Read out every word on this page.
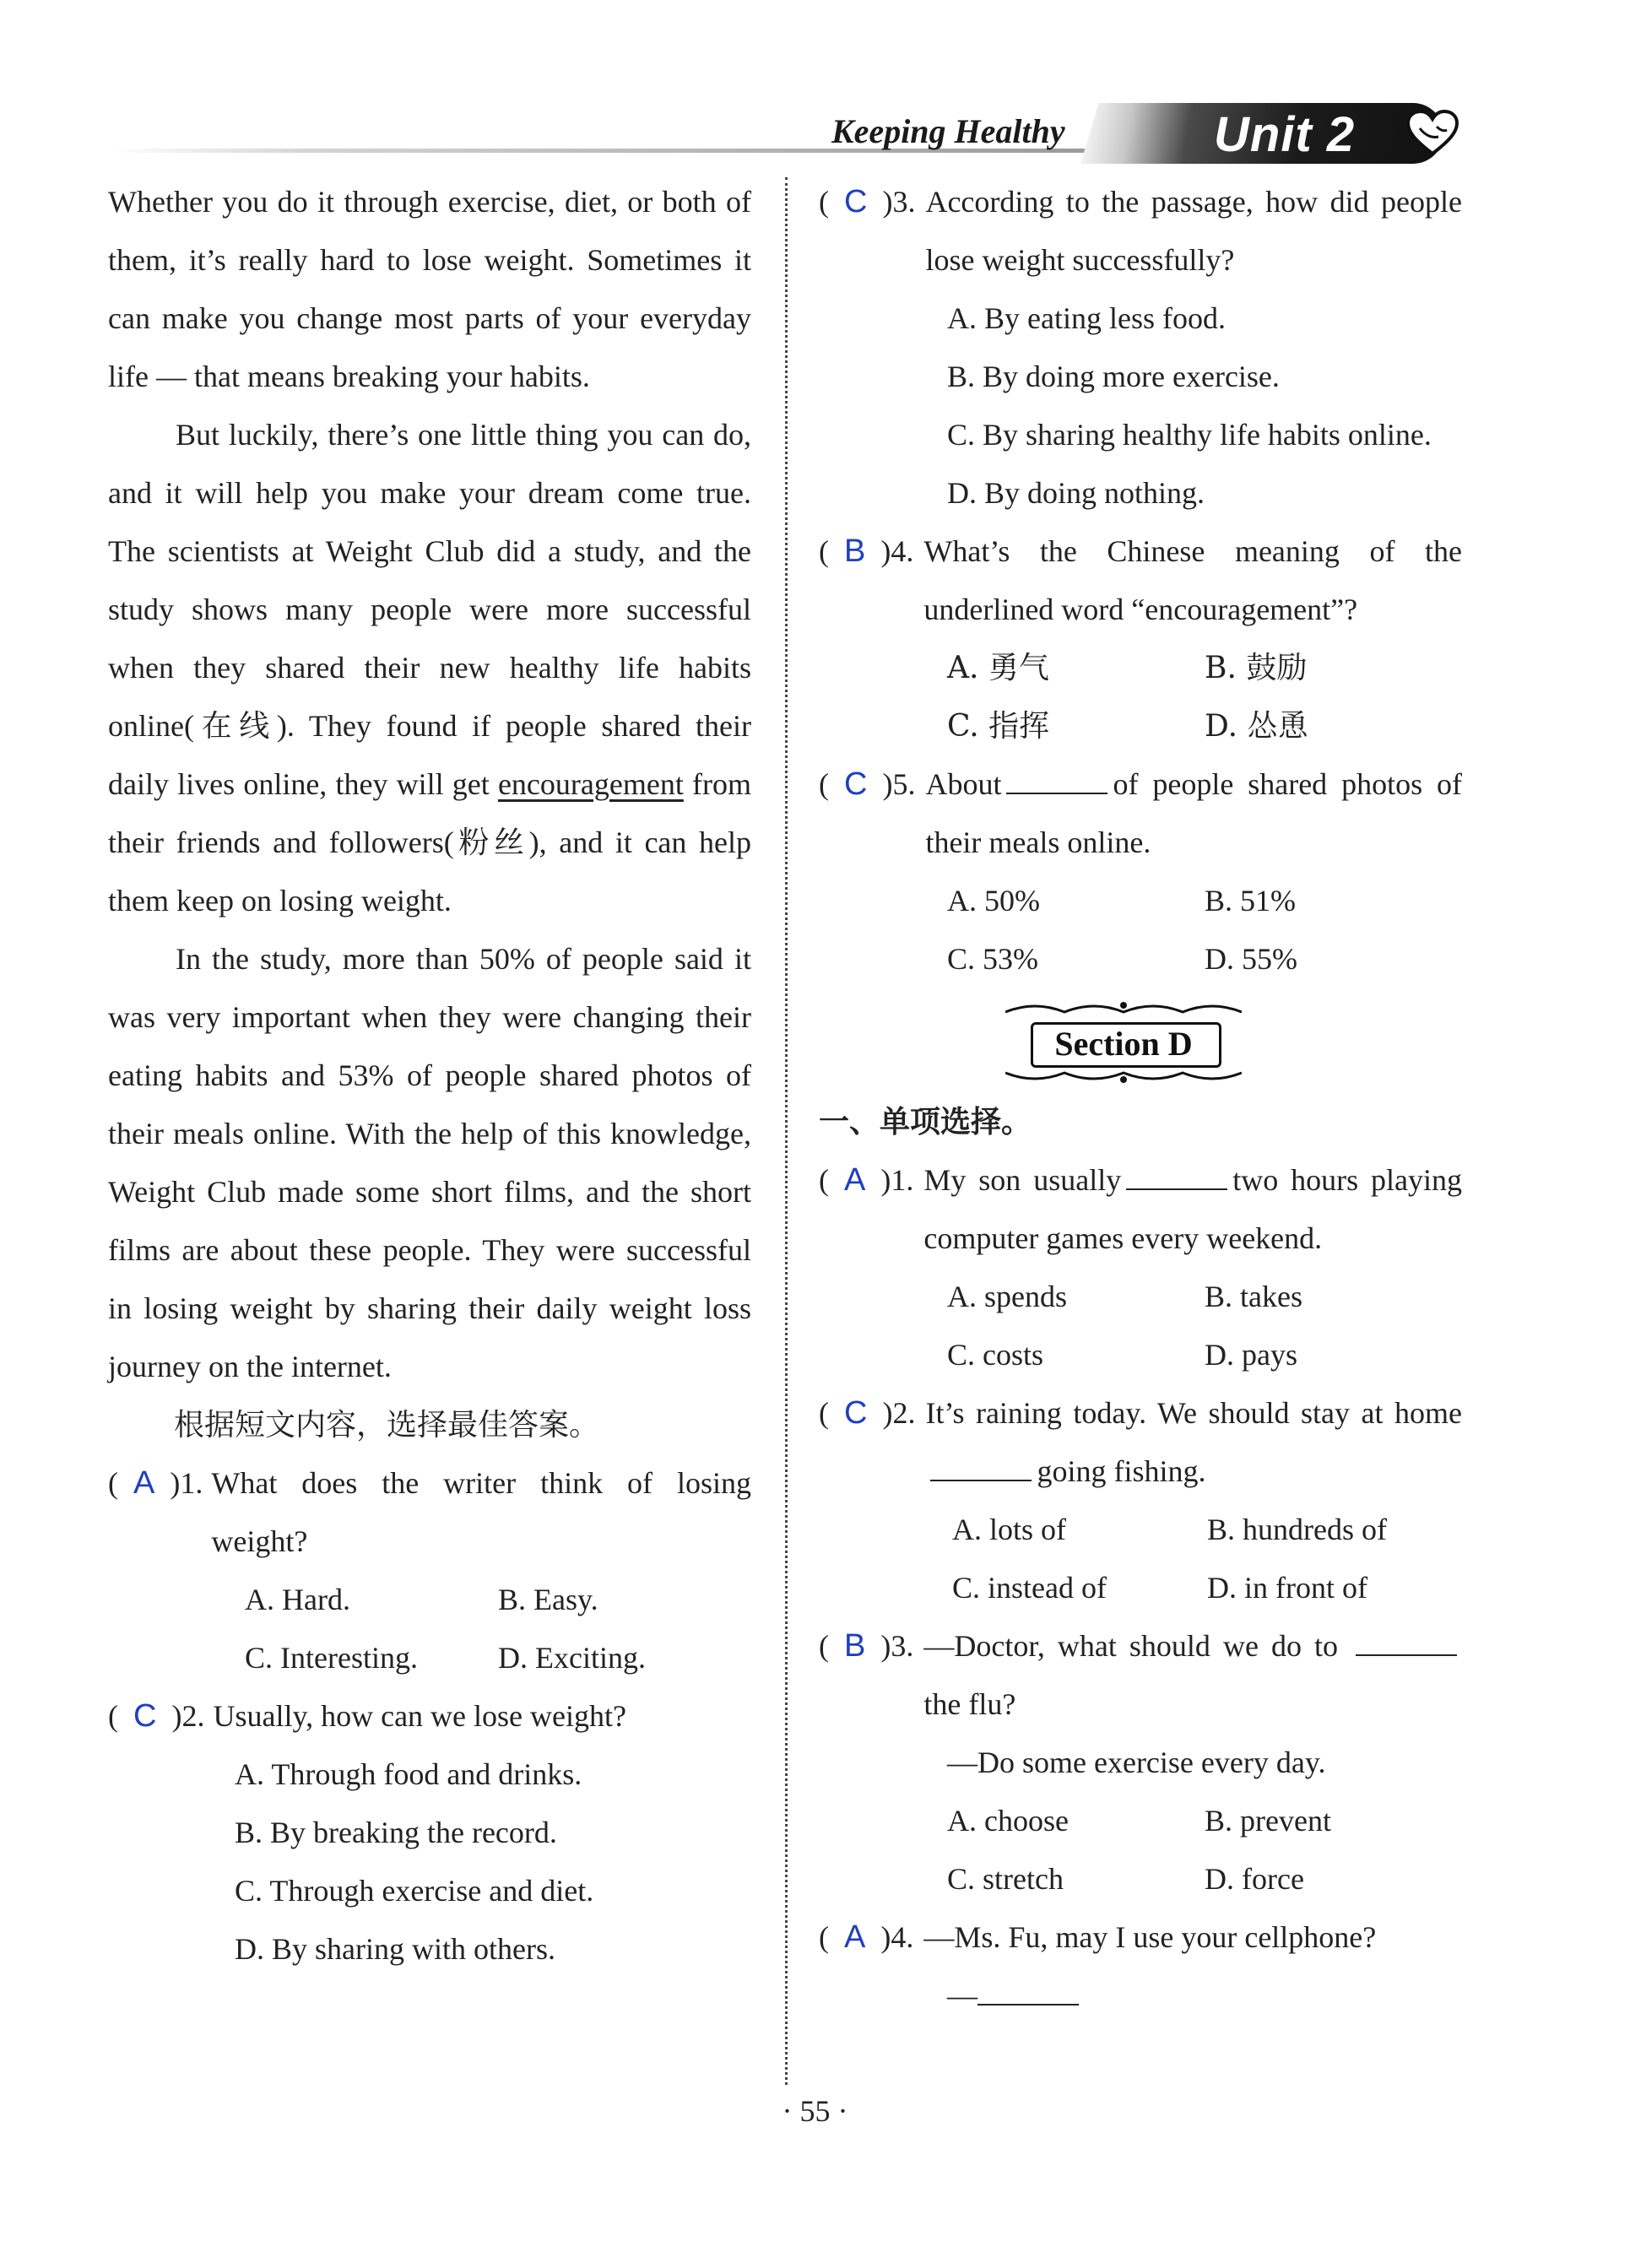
Keeping Healthy	Unit 2

Whether you do it through exercise, diet, or both of them, it’s really hard to lose weight. Sometimes it can make you change most parts of your everyday life — that means breaking your habits.

But luckily, there’s one little thing you can do, and it will help you make your dream come true. The scientists at Weight Club did a study, and the study shows many people were more successful when they shared their new healthy life habits online(在线). They found if people shared their daily lives online, they will get encouragement from their friends and followers(粉丝), and it can help them keep on losing weight.

In the study, more than 50% of people said it was very important when they were changing their eating habits and 53% of people shared photos of their meals online. With the help of this knowledge, Weight Club made some short films, and the short films are about these people. They were successful in losing weight by sharing their daily weight loss journey on the internet.

根据短文内容，选择最佳答案。

(  A  ) 1. What does the writer think of losing weight?
A. Hard.	B. Easy.
C. Interesting.	D. Exciting.
(  C  ) 2. Usually, how can we lose weight?
A. Through food and drinks.
B. By breaking the record.
C. Through exercise and diet.
D. By sharing with others.
(  C  ) 3. According to the passage, how did people lose weight successfully?
A. By eating less food.
B. By doing more exercise.
C. By sharing healthy life habits online.
D. By doing nothing.
(  B  ) 4. What’s the Chinese meaning of the underlined word “encouragement”?
A. 勇气	B. 鼓励
C. 指挥	D. 怂恿
(  C  ) 5. About	of people shared photos of their meals online.
A. 50%	B. 51%
C. 53%	D. 55%
Section D

一、单项选择。

(  A  ) 1. My son usually	two hours playing computer games every weekend.
A. spends	B. takes
C. costs	D. pays
(  C  ) 2. It’s raining today. We should stay at homegoing fishing.
A. lots of	B. hundreds of
C. instead of	D. in front of
(  B  ) 3. —Doctor, what should we do to the flu?
—Do some exercise every day.
A. choose	B. prevent
C. stretch	D. force
(  A  ) 4. —Ms. Fu, may I use your cellphone?
—
· 55 ·
